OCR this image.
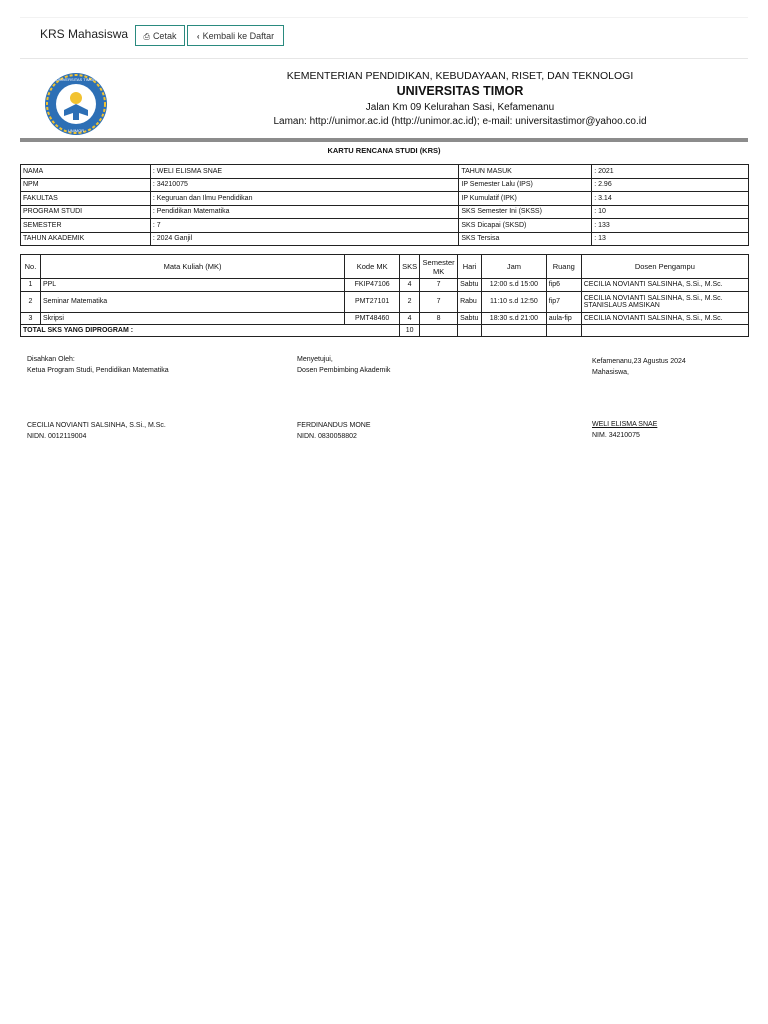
KRS Mahasiswa	⎙ Cetak	‹ Kembali ke Daftar
UNIVERSITAS TIMOR
UNIMOR
KEMENTERIAN PENDIDIKAN, KEBUDAYAAN, RISET, DAN TEKNOLOGI
UNIVERSITAS TIMOR
Jalan Km 09 Kelurahan Sasi, Kefamenanu
Laman: http://unimor.ac.id (http://unimor.ac.id); e-mail: universitastimor@yahoo.co.id
KARTU RENCANA STUDI (KRS)
NAMA	: WELI ELISMA SNAE	TAHUN MASUK	: 2021
NPM	: 34210075	IP Semester Lalu (IPS)	: 2.96
FAKULTAS	: Keguruan dan Ilmu Pendidikan	IP Kumulatif (IPK)	: 3.14
PROGRAM STUDI	: Pendidikan Matematika	SKS Semester Ini (SKSS)	: 10
SEMESTER	: 7	SKS Dicapai (SKSD)	: 133
TAHUN AKADEMIK	: 2024 Ganjil	SKS Tersisa	: 13
No.	Mata Kuliah (MK)	Kode MK	SKS	Semester MK	Hari	Jam	Ruang	Dosen Pengampu
1	PPL	FKIP47106	4	7	Sabtu	12:00 s.d 15:00	fip6	CECILIA NOVIANTI SALSINHA, S.Si., M.Sc.

2	Seminar Matematika	PMT27101	2	7	Rabu	11:10 s.d 12:50	fip7	CECILIA NOVIANTI SALSINHA, S.Si., M.Sc.
STANISLAUS AMSIKAN

3	Skripsi	PMT48460	4	8	Sabtu	18:30 s.d 21:00	aula-fip	CECILIA NOVIANTI SALSINHA, S.Si., M.Sc.

TOTAL SKS YANG DIPROGRAM :			10					
Disahkan Oleh:
Ketua Program Studi, Pendidikan Matematika
CECILIA NOVIANTI SALSINHA, S.Si., M.Sc.
NIDN. 0012119004
Menyetujui,
Dosen Pembimbing Akademik
FERDINANDUS MONE
NIDN. 0830058802
Kefamenanu,23 Agustus 2024
Mahasiswa,
WELI ELISMA SNAE
NIM. 34210075
